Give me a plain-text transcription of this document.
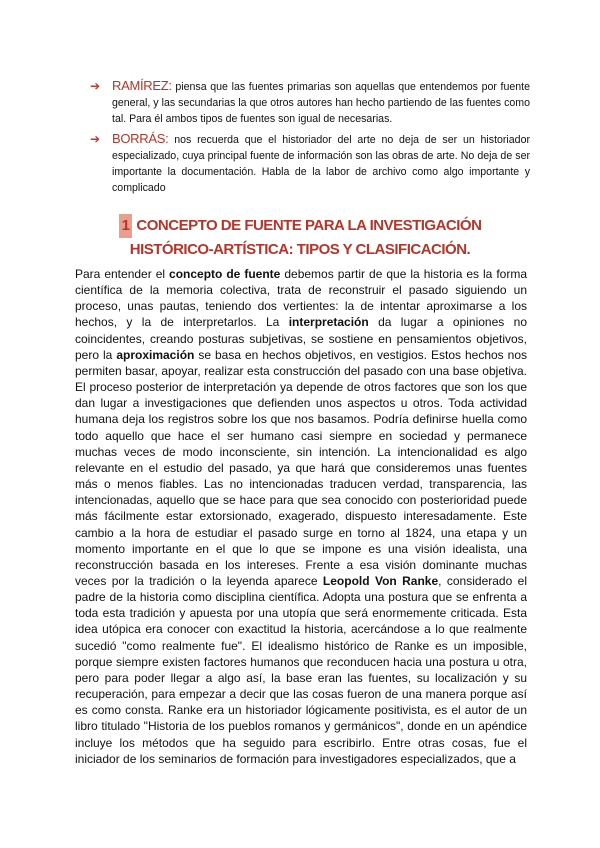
➔ RAMÍREZ: piensa que las fuentes primarias son aquellas que entendemos por fuente general, y las secundarias la que otros autores han hecho partiendo de las fuentes como tal. Para él ambos tipos de fuentes son igual de necesarias.

➔ BORRÁS: nos recuerda que el historiador del arte no deja de ser un historiador especializado, cuya principal fuente de información son las obras de arte. No deja de ser importante la documentación. Habla de la labor de archivo como algo importante y complicado

1 CONCEPTO DE FUENTE PARA LA INVESTIGACIÓN
HISTÓRICO-ARTÍSTICA: TIPOS Y CLASIFICACIÓN.

Para entender el concepto de fuente debemos partir de que la historia es la forma científica de la memoria colectiva, trata de reconstruir el pasado siguiendo un proceso, unas pautas, teniendo dos vertientes: la de intentar aproximarse a los hechos, y la de interpretarlos. La interpretación da lugar a opiniones no coincidentes, creando posturas subjetivas, se sostiene en pensamientos objetivos, pero la aproximación se basa en hechos objetivos, en vestigios. Estos hechos nos permiten basar, apoyar, realizar esta construcción del pasado con una base objetiva. El proceso posterior de interpretación ya depende de otros factores que son los que dan lugar a investigaciones que defienden unos aspectos u otros. Toda actividad humana deja los registros sobre los que nos basamos. Podría definirse huella como todo aquello que hace el ser humano casi siempre en sociedad y permanece muchas veces de modo inconsciente, sin intención. La intencionalidad es algo relevante en el estudio del pasado, ya que hará que consideremos unas fuentes más o menos fiables. Las no intencionadas traducen verdad, transparencia, las intencionadas, aquello que se hace para que sea conocido con posterioridad puede más fácilmente estar extorsionado, exagerado, dispuesto interesadamente. Este cambio a la hora de estudiar el pasado surge en torno al 1824, una etapa y un momento importante en el que lo que se impone es una visión idealista, una reconstrucción basada en los intereses. Frente a esa visión dominante muchas veces por la tradición o la leyenda aparece Leopold Von Ranke, considerado el padre de la historia como disciplina científica. Adopta una postura que se enfrenta a toda esta tradición y apuesta por una utopía que será enormemente criticada. Esta idea utópica era conocer con exactitud la historia, acercándose a lo que realmente sucedió "como realmente fue". El idealismo histórico de Ranke es un imposible, porque siempre existen factores humanos que reconducen hacia una postura u otra, pero para poder llegar a algo así, la base eran las fuentes, su localización y su recuperación, para empezar a decir que las cosas fueron de una manera porque así es como consta. Ranke era un historiador lógicamente positivista, es el autor de un libro titulado "Historia de los pueblos romanos y germánicos", donde en un apéndice incluye los métodos que ha seguido para escribirlo. Entre otras cosas, fue el iniciador de los seminarios de formación para investigadores especializados, que a
